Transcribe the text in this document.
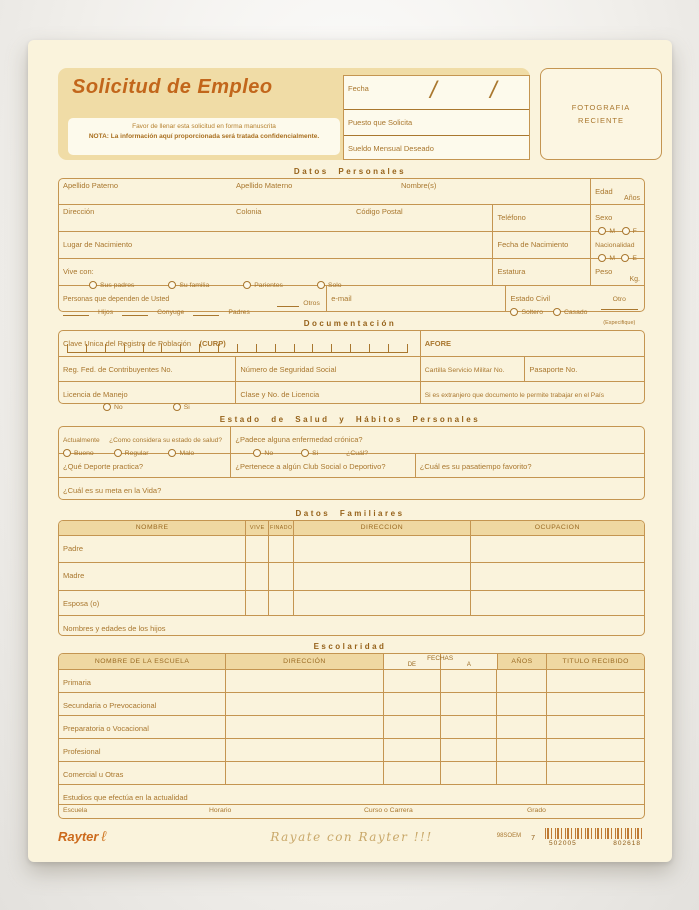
Solicitud de Empleo
Favor de llenar esta solicitud en forma manuscrita
NOTA: La información aquí proporcionada será tratada confidencialmente.
Fecha	/ /
Puesto que Solicita
Sueldo Mensual Deseado
FOTOGRAFIA
RECIENTE
Datos Personales
Apellido Paterno	Apellido Materno	Nombre(s)
Edad
Años
Dirección	Colonia	Código Postal
Teléfono	Sexo
M	F
Lugar de Nacimiento	Fecha de Nacimiento	Nacionalidad
M	E
Vive con:
Sus padres	Su familia	Parientes	Solo
Estatura	Peso
Kg.
Personas que dependen de Usted
Hijos	Conyuge	Padres
Otros
e-mail	Estado Civil
Soltero	Casado
Otro
(Especifique)
Documentación
Clave Unica del Registro de Población (CURP)	AFORE
Reg. Fed. de Contribuyentes No.	Número de Seguridad Social	Cartilla Servicio Militar No.	Pasaporte No.
Licencia de Manejo
No	Si
Clase y No. de Licencia	Si es extranjero que documento le permite trabajar en el País
Estado de Salud y Hábitos Personales
Actualmente ¿Como considera su estado de salud?
Bueno	Regular	Malo
¿Padece alguna enfermedad crónica?
No	Si	¿Cuál?
¿Qué Deporte practica?	¿Pertenece a algún Club Social o Deportivo?	¿Cuál es su pasatiempo favorito?
¿Cuál es su meta en la Vida?
Datos Familiares
NOMBRE	VIVE FINADO	DIRECCION	OCUPACION
Padre
Madre
Esposa (o)
Nombres y edades de los hijos
Escolaridad
NOMBRE DE LA ESCUELA	DIRECCIÓN	FECHAS
DE	A	AÑOS	TITULO RECIBIDO
Primaria
Secundaria o Prevocacional
Preparatoria o Vocacional
Profesional
Comercial u Otras
Estudios que efectúa en la actualidad
Escuela	Horario	Curso o Carrera	Grado
Rayter ℓ	Rayate con Rayter !!!	98SOEM 7
502005	802618
